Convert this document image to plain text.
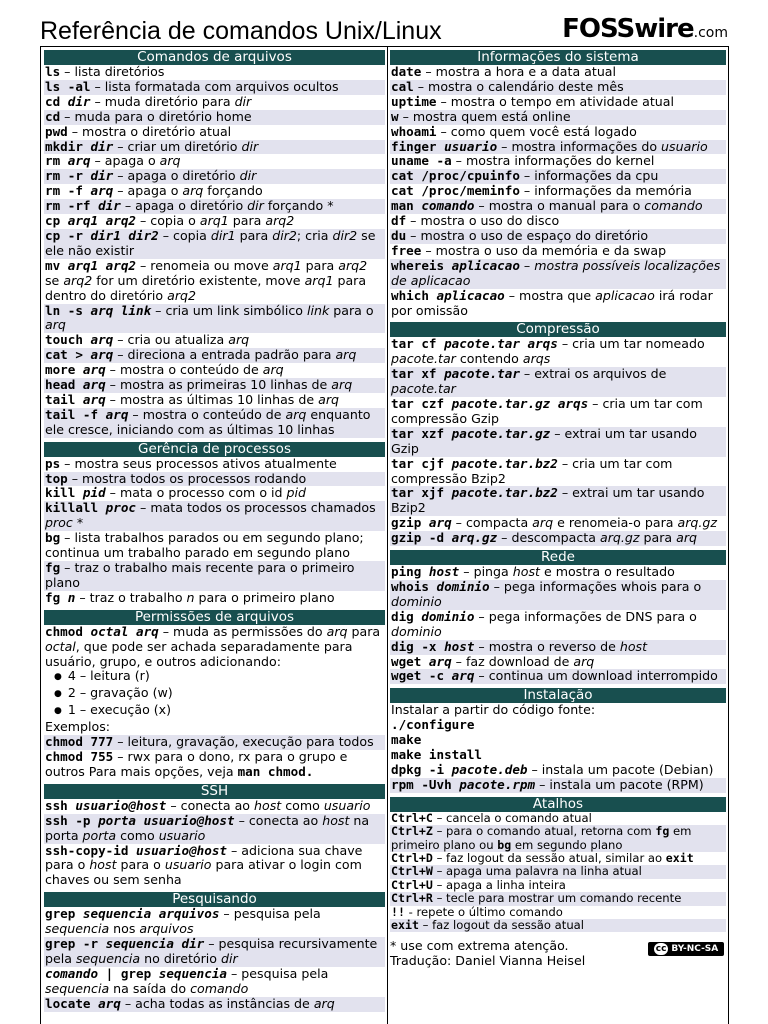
Referência de comandos Unix/Linux	FOSSwire.com
Comandos de arquivos
ls – lista diretórios
ls -al – lista formatada com arquivos ocultos
cd dir – muda diretório para dir
cd – muda para o diretório home
pwd – mostra o diretório atual
mkdir dir – criar um diretório dir
rm arq – apaga o arq
rm -r dir – apaga o diretório dir
rm -f arq – apaga o arq forçando
rm -rf dir – apaga o diretório dir forçando *
cp arq1 arq2 – copia o arq1 para arq2
cp -r dir1 dir2 – copia dir1 para dir2; cria dir2 se ele não existir
mv arq1 arq2 – renomeia ou move arq1 para arq2 se arq2 for um diretório existente, move arq1 para dentro do diretório arq2
ln -s arq link – cria um link simbólico link para o arq
touch arq – cria ou atualiza arq
cat > arq – direciona a entrada padrão para arq
more arq – mostra o conteúdo de arq
head arq – mostra as primeiras 10 linhas de arq
tail arq – mostra as últimas 10 linhas de arq
tail -f arq – mostra o conteúdo de arq enquanto ele cresce, iniciando com as últimas 10 linhas
Gerência de processos
ps – mostra seus processos ativos atualmente
top – mostra todos os processos rodando
kill pid – mata o processo com o id pid
killall proc – mata todos os processos chamados proc *
bg – lista trabalhos parados ou em segundo plano; continua um trabalho parado em segundo plano
fg – traz o trabalho mais recente para o primeiro plano
fg n – traz o trabalho n para o primeiro plano
Permissões de arquivos
chmod octal arq – muda as permissões do arq para octal, que pode ser achada separadamente para usuário, grupo, e outros adicionando:
● 4 – leitura (r)
● 2 – gravação (w)
● 1 – execução (x)
Exemplos:
chmod 777 – leitura, gravação, execução para todos
chmod 755 – rwx para o dono, rx para o grupo e outros Para mais opções, veja man chmod.
SSH
ssh usuario@host – conecta ao host como usuario
ssh -p porta usuario@host – conecta ao host na porta porta como usuario
ssh-copy-id usuario@host – adiciona sua chave para o host para o usuario para ativar o login com chaves ou sem senha
Pesquisando
grep sequencia arquivos – pesquisa pela sequencia nos arquivos
grep -r sequencia dir – pesquisa recursivamente pela sequencia no diretório dir
comando | grep sequencia – pesquisa pela sequencia na saída do comando
locate arq – acha todas as instâncias de arq
Informações do sistema
date – mostra a hora e a data atual
cal – mostra o calendário deste mês
uptime – mostra o tempo em atividade atual
w – mostra quem está online
whoami – como quem você está logado
finger usuario – mostra informações do usuario
uname -a – mostra informações do kernel
cat /proc/cpuinfo – informações da cpu
cat /proc/meminfo – informações da memória
man comando – mostra o manual para o comando
df – mostra o uso do disco
du – mostra o uso de espaço do diretório
free – mostra o uso da memória e da swap
whereis aplicacao – mostra possíveis localizações de aplicacao
which aplicacao – mostra que aplicacao irá rodar por omissão
Compressão
tar cf pacote.tar arqs – cria um tar nomeado pacote.tar contendo arqs
tar xf pacote.tar – extrai os arquivos de pacote.tar
tar czf pacote.tar.gz arqs – cria um tar com compressão Gzip
tar xzf pacote.tar.gz – extrai um tar usando Gzip
tar cjf pacote.tar.bz2 – cria um tar com compressão Bzip2
tar xjf pacote.tar.bz2 – extrai um tar usando Bzip2
gzip arq – compacta arq e renomeia-o para arq.gz
gzip -d arq.gz – descompacta arq.gz para arq
Rede
ping host – pinga host e mostra o resultado
whois dominio – pega informações whois para o dominio
dig dominio – pega informações de DNS para o dominio
dig -x host – mostra o reverso de host
wget arq – faz download de arq
wget -c arq – continua um download interrompido
Instalação
Instalar a partir do código fonte:
./configure
make
make install
dpkg -i pacote.deb – instala um pacote (Debian)
rpm -Uvh pacote.rpm – instala um pacote (RPM)
Atalhos
Ctrl+C – cancela o comando atual
Ctrl+Z – para o comando atual, retorna com fg em primeiro plano ou bg em segundo plano
Ctrl+D – faz logout da sessão atual, similar ao exit
Ctrl+W – apaga uma palavra na linha atual
Ctrl+U – apaga a linha inteira
Ctrl+R – tecle para mostrar um comando recente
!! - repete o último comando
exit – faz logout da sessão atual
* use com extrema atenção.
Tradução: Daniel Vianna Heisel
cc BY-NC-SA
